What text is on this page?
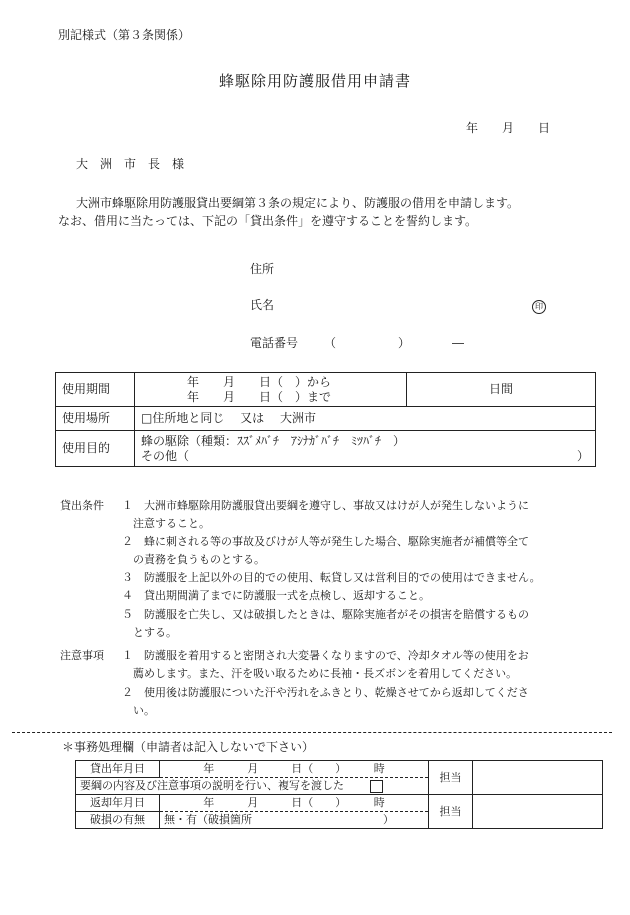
別記様式（第３条関係）
蜂駆除用防護服借用申請書
年　　月　　日
大　洲　市　長　様
大洲市蜂駆除用防護服貸出要綱第３条の規定により、防護服の借用を申請します。
なお、借用に当たっては、下記の「貸出条件」を遵守することを誓約します。
住所
氏名	印
電話番号 （	）	―
使用期間	年　　月　　日（　）から
年　　月　　日（　）まで	日間
使用場所	□住所地と同じ　 又は　 大洲市	
使用目的	蜂の駆除（種類：ｽｽﾞﾒﾊﾞﾁ　ｱｼﾅｶﾞﾊﾞﾁ　ﾐﾂﾊﾞﾁ　）
その他（ ）	
貸出条件 １　大洲市蜂駆除用防護服貸出要綱を遵守し、事故又はけが人が発生しないように
注意すること。
２　蜂に刺される等の事故及びけが人等が発生した場合、駆除実施者が補償等全て
の責務を負うものとする。
３　防護服を上記以外の目的での使用、転貸し又は営利目的での使用はできません。
４　貸出期間満了までに防護服一式を点検し、返却すること。
５　防護服を亡失し、又は破損したときは、駆除実施者がその損害を賠償するもの
とする。
注意事項 １　防護服を着用すると密閉され大変暑くなりますので、冷却タオル等の使用をお
薦めします。また、汗を吸い取るために長袖・長ズボンを着用してください。
２　使用後は防護服についた汗や汚れをふきとり、乾燥させてから返却してくださ
い。
＊事務処理欄（申請者は記入しないで下さい）
貸出年月日	年　　　月　　　日（　　）　　　時	担当	
要綱の内容及び注意事項の説明を行い、複写を渡した			
返却年月日	年　　　月　　　日（　　）　　　時	担当	
破損の有無	無・有（破損箇所 ）		
